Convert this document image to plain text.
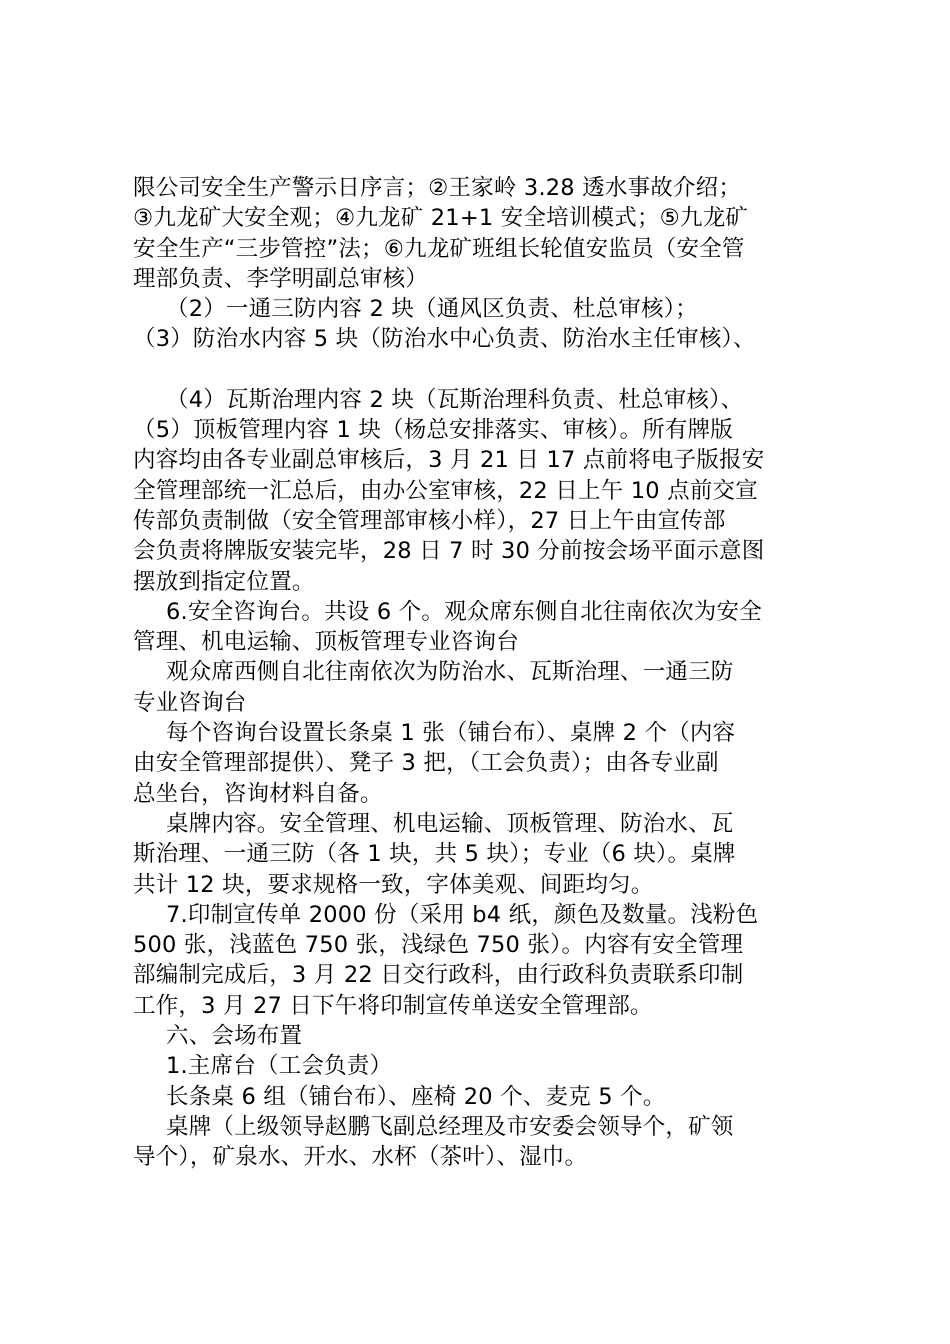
限公司安全生产警示日序言；②王家岭 3.28 透水事故介绍；
③九龙矿大安全观；④九龙矿 21+1 安全培训模式；⑤九龙矿
安全生产“三步管控”法；⑥九龙矿班组长轮值安监员（安全管
理部负责、李学明副总审核）
（2）一通三防内容 2 块（通风区负责、杜总审核）；
（3）防治水内容 5 块（防治水中心负责、防治水主任审核）、
（4）瓦斯治理内容 2 块（瓦斯治理科负责、杜总审核）、
（5）顶板管理内容 1 块（杨总安排落实、审核）。所有牌版
内容均由各专业副总审核后，3 月 21 日 17 点前将电子版报安
全管理部统一汇总后，由办公室审核，22 日上午 10 点前交宣
传部负责制做（安全管理部审核小样），27 日上午由宣传部
会负责将牌版安装完毕，28 日 7 时 30 分前按会场平面示意图
摆放到指定位置。
6.安全咨询台。共设 6 个。观众席东侧自北往南依次为安全
管理、机电运输、顶板管理专业咨询台
观众席西侧自北往南依次为防治水、瓦斯治理、一通三防
专业咨询台
每个咨询台设置长条桌 1 张（铺台布）、桌牌 2 个（内容
由安全管理部提供）、凳子 3 把，（工会负责）；由各专业副
总坐台，咨询材料自备。
桌牌内容。安全管理、机电运输、顶板管理、防治水、瓦
斯治理、一通三防（各 1 块，共 5 块）；专业（6 块）。桌牌
共计 12 块，要求规格一致，字体美观、间距均匀。
7.印制宣传单 2000 份（采用 b4 纸，颜色及数量。浅粉色
500 张，浅蓝色 750 张，浅绿色 750 张）。内容有安全管理
部编制完成后，3 月 22 日交行政科，由行政科负责联系印制
工作，3 月 27 日下午将印制宣传单送安全管理部。
六、会场布置
1.主席台（工会负责）
长条桌 6 组（铺台布）、座椅 20 个、麦克 5 个。
桌牌（上级领导赵鹏飞副总经理及市安委会领导个，矿领
导个），矿泉水、开水、水杯（茶叶）、湿巾。
